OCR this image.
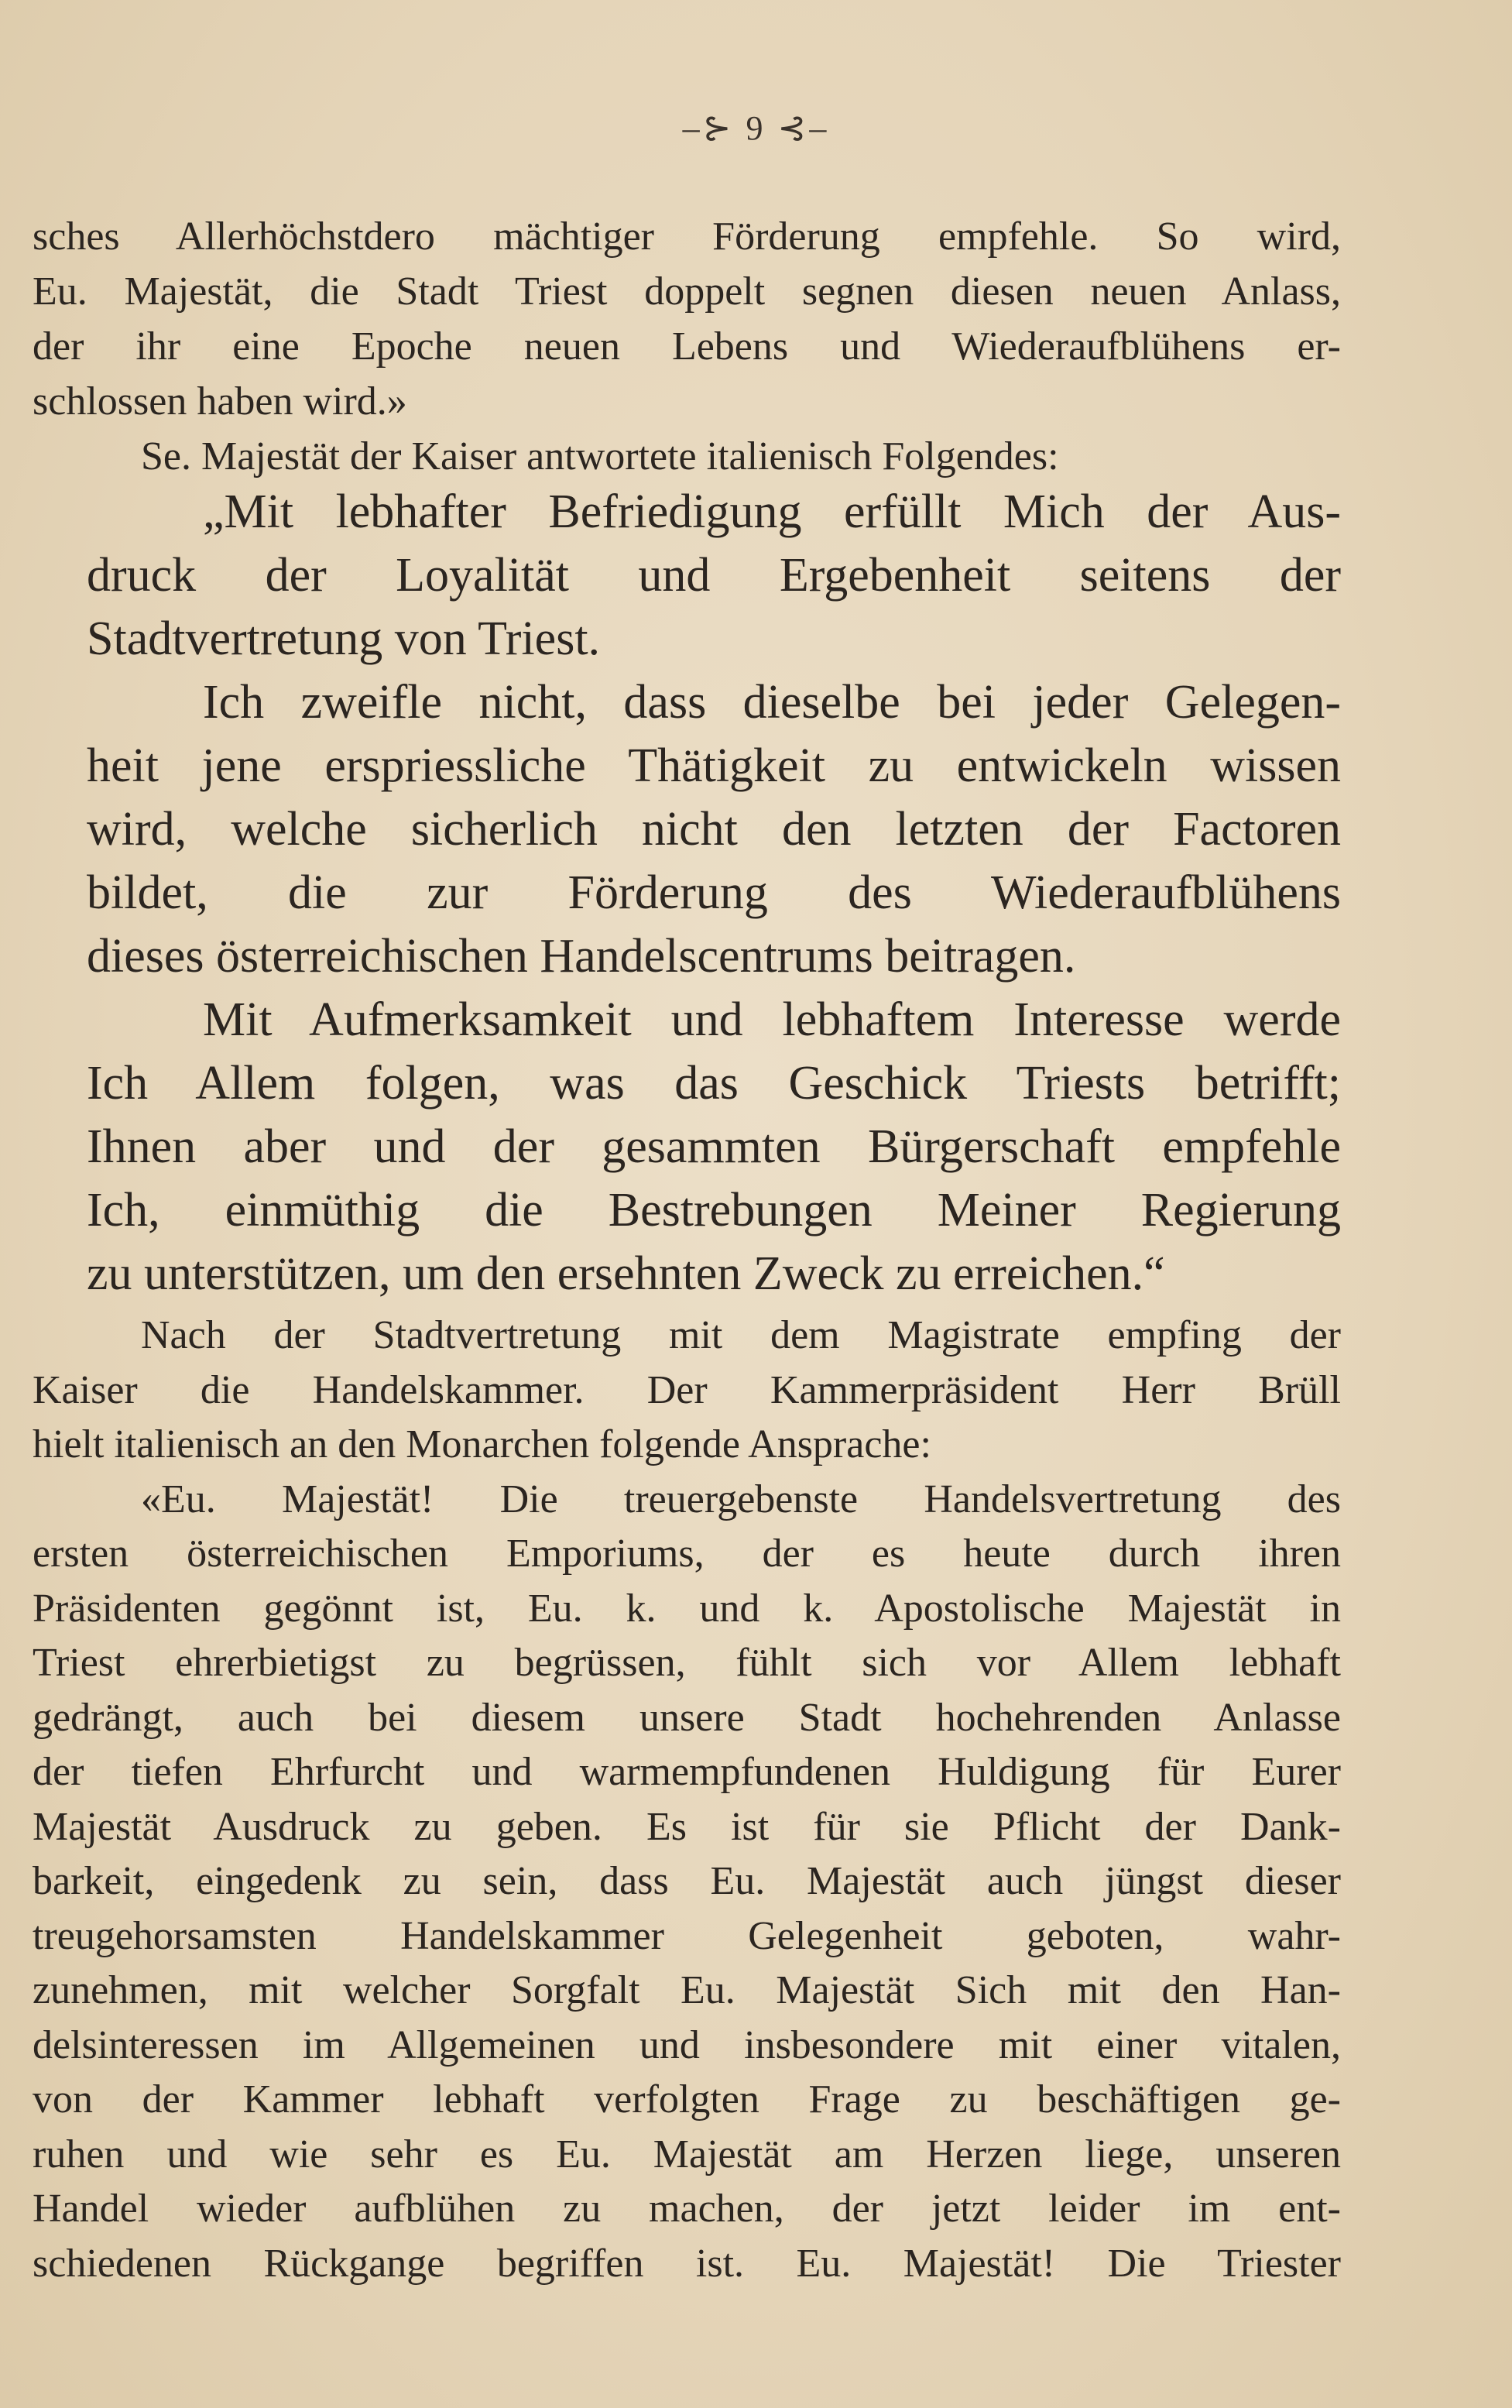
–⊱ 9 ⊰–
sches Allerhöchstdero mächtiger Förderung empfehle. So wird,
Eu. Majestät, die Stadt Triest doppelt segnen diesen neuen Anlass,
der ihr eine Epoche neuen Lebens und Wiederaufblühens er-
schlossen haben wird.»
Se. Majestät der Kaiser antwortete italienisch Folgendes:
„Mit lebhafter Befriedigung erfüllt Mich der Aus-
druck der Loyalität und Ergebenheit seitens der
Stadtvertretung von Triest.
Ich zweifle nicht, dass dieselbe bei jeder Gelegen-
heit jene erspriessliche Thätigkeit zu entwickeln wissen
wird, welche sicherlich nicht den letzten der Factoren
bildet, die zur Förderung des Wiederaufblühens
dieses österreichischen Handelscentrums beitragen.
Mit Aufmerksamkeit und lebhaftem Interesse werde
Ich Allem folgen, was das Geschick Triests betrifft;
Ihnen aber und der gesammten Bürgerschaft empfehle
Ich, einmüthig die Bestrebungen Meiner Regierung
zu unterstützen, um den ersehnten Zweck zu erreichen.“
Nach der Stadtvertretung mit dem Magistrate empfing der
Kaiser die Handelskammer. Der Kammerpräsident Herr Brüll
hielt italienisch an den Monarchen folgende Ansprache:
«Eu. Majestät! Die treuergebenste Handelsvertretung des
ersten österreichischen Emporiums, der es heute durch ihren
Präsidenten gegönnt ist, Eu. k. und k. Apostolische Majestät in
Triest ehrerbietigst zu begrüssen, fühlt sich vor Allem lebhaft
gedrängt, auch bei diesem unsere Stadt hochehrenden Anlasse
der tiefen Ehrfurcht und warmempfundenen Huldigung für Eurer
Majestät Ausdruck zu geben. Es ist für sie Pflicht der Dank-
barkeit, eingedenk zu sein, dass Eu. Majestät auch jüngst dieser
treugehorsamsten Handelskammer Gelegenheit geboten, wahr-
zunehmen, mit welcher Sorgfalt Eu. Majestät Sich mit den Han-
delsinteressen im Allgemeinen und insbesondere mit einer vitalen,
von der Kammer lebhaft verfolgten Frage zu beschäftigen ge-
ruhen und wie sehr es Eu. Majestät am Herzen liege, unseren
Handel wieder aufblühen zu machen, der jetzt leider im ent-
schiedenen Rückgange begriffen ist. Eu. Majestät! Die Triester
